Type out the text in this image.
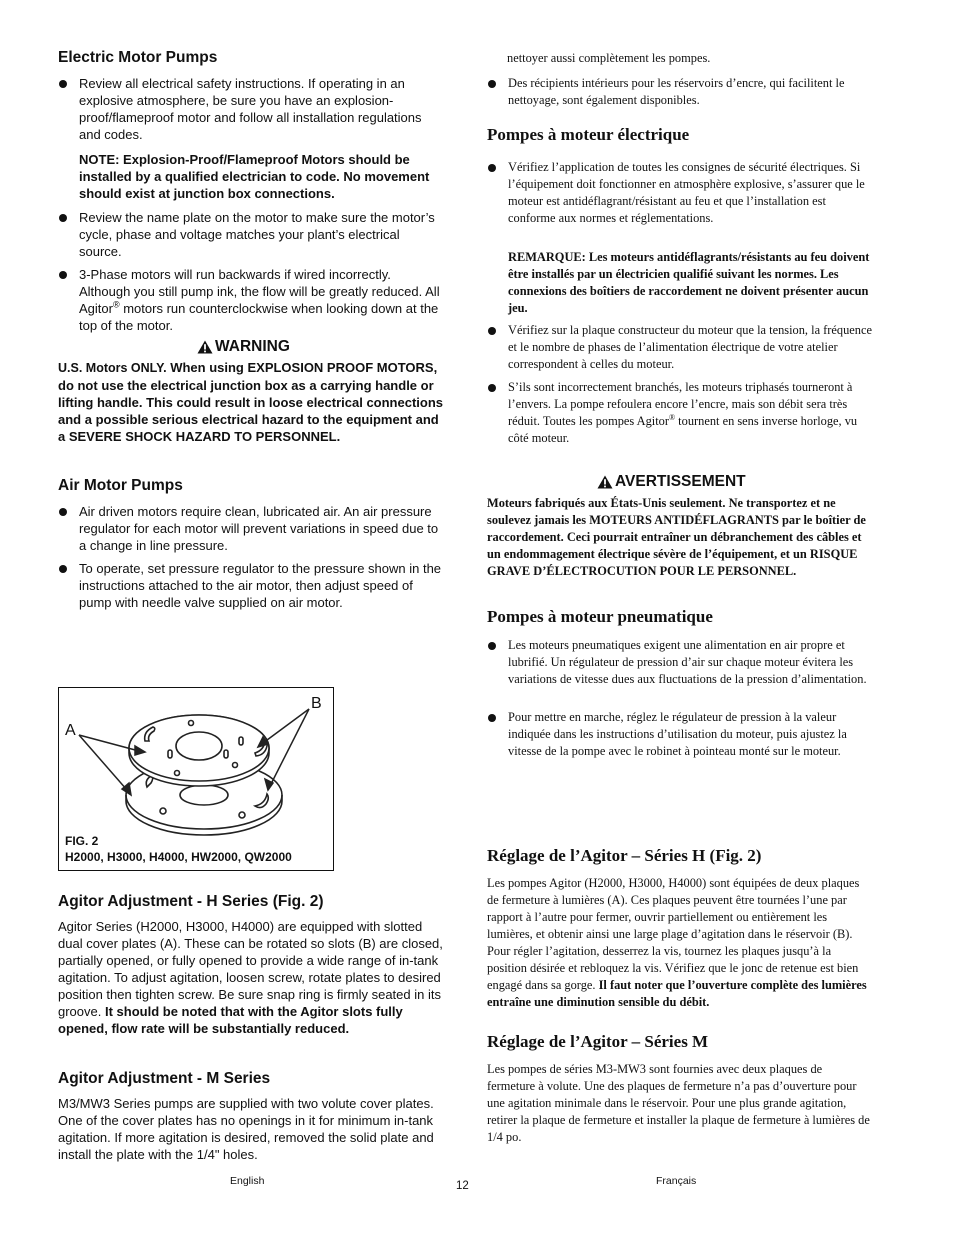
Electric Motor Pumps

Review all electrical safety instructions. If operating in an explosive atmosphere, be sure you have an explosion-proof/flameproof motor and follow all installation regulations and codes.

NOTE: Explosion-Proof/Flameproof Motors should be installed by a qualified electrician to code. No movement should exist at junction box connections.

Review the name plate on the motor to make sure the motor’s cycle, phase and voltage matches your plant’s electrical source.

3-Phase motors will run backwards if wired incorrectly. Although you still pump ink, the flow will be greatly reduced. All Agitor® motors run counterclockwise when looking down at the top of the motor.

WARNING

U.S. Motors ONLY. When using EXPLOSION PROOF MOTORS, do not use the electrical junction box as a carrying handle or lifting handle. This could result in loose electrical connections and a possible serious electrical hazard to the equipment and a SEVERE SHOCK HAZARD TO PERSONNEL.

Air Motor Pumps

Air driven motors require clean, lubricated air. An air pressure regulator for each motor will prevent variations in speed due to a change in line pressure.

To operate, set pressure regulator to the pressure shown in the instructions attached to the air motor, then adjust speed of pump with needle valve supplied on air motor.

Agitor Adjustment - H Series (Fig. 2)

Agitor Series (H2000, H3000, H4000) are equipped with slotted dual cover plates (A). These can be rotated so slots (B) are closed, partially opened, or fully opened to provide a wide range of in-tank agitation. To adjust agitation, loosen screw, rotate plates to desired position then tighten screw. Be sure snap ring is firmly seated in its groove. It should be noted that with the Agitor slots fully opened, flow rate will be substantially reduced.

Agitor Adjustment - M Series

M3/MW3 Series pumps are supplied with two volute cover plates. One of the cover plates has no openings in it for minimum in-tank agitation. If more agitation is desired, removed the solid plate and install the plate with the 1/4" holes.

A
B
FIG. 2
H2000, H3000, H4000, HW2000, QW2000

nettoyer aussi complètement les pompes.

Des récipients intérieurs pour les réservoirs d’encre, qui facilitent le nettoyage, sont également disponibles.

Pompes à moteur électrique

Vérifiez l’application de toutes les consignes de sécurité électriques. Si l’équipement doit fonctionner en atmosphère explosive, s’assurer que le moteur est antidéflagrant/résistant au feu et que l’installation est conforme aux normes et réglementations.

REMARQUE: Les moteurs antidéflagrants/résistants au feu doivent être installés par un électricien qualifié suivant les normes. Les connexions des boîtiers de raccordement ne doivent présenter aucun jeu.

Vérifiez sur la plaque constructeur du moteur que la tension, la fréquence et le nombre de phases de l’alimentation électrique de votre atelier correspondent à celles du moteur.

S’ils sont incorrectement branchés, les moteurs triphasés tourneront à l’envers. La pompe refoulera encore l’encre, mais son débit sera très réduit. Toutes les pompes Agitor® tournent en sens inverse horloge, vu côté moteur.

AVERTISSEMENT

Moteurs fabriqués aux États-Unis seulement. Ne transportez et ne soulevez jamais les MOTEURS ANTIDÉFLAGRANTS par le boîtier de raccordement. Ceci pourrait entraîner un débranchement des câbles et un endommagement électrique sévère de l’équipement, et un RISQUE GRAVE D’ÉLECTROCUTION POUR LE PERSONNEL.

Pompes à moteur pneumatique

Les moteurs pneumatiques exigent une alimentation en air propre et lubrifié. Un régulateur de pression d’air sur chaque moteur évitera les variations de vitesse dues aux fluctuations de la pression d’alimentation.

Pour mettre en marche, réglez le régulateur de pression à la valeur indiquée dans les instructions d’utilisation du moteur, puis ajustez la vitesse de la pompe avec le robinet à pointeau monté sur le moteur.

Réglage de l’Agitor – Séries H (Fig. 2)

Les pompes Agitor (H2000, H3000, H4000) sont équipées de deux plaques de fermeture à lumières (A). Ces plaques peuvent être tournées l’une par rapport à l’autre pour fermer, ouvrir partiellement ou entièrement les lumières, et obtenir ainsi une large plage d’agitation dans le réservoir (B). Pour régler l’agitation, desserrez la vis, tournez les plaques jusqu’à la position désirée et rebloquez la vis. Vérifiez que le jonc de retenue est bien engagé dans sa gorge. Il faut noter que l’ouverture complète des lumières entraîne une diminution sensible du débit.

Réglage de l’Agitor – Séries M

Les pompes de séries M3-MW3 sont fournies avec deux plaques de fermeture à volute. Une des plaques de fermeture n’a pas d’ouverture pour une agitation minimale dans le réservoir. Pour une plus grande agitation, retirer la plaque de fermeture et installer la plaque de fermeture à lumières de 1/4 po.

English	12	Français
